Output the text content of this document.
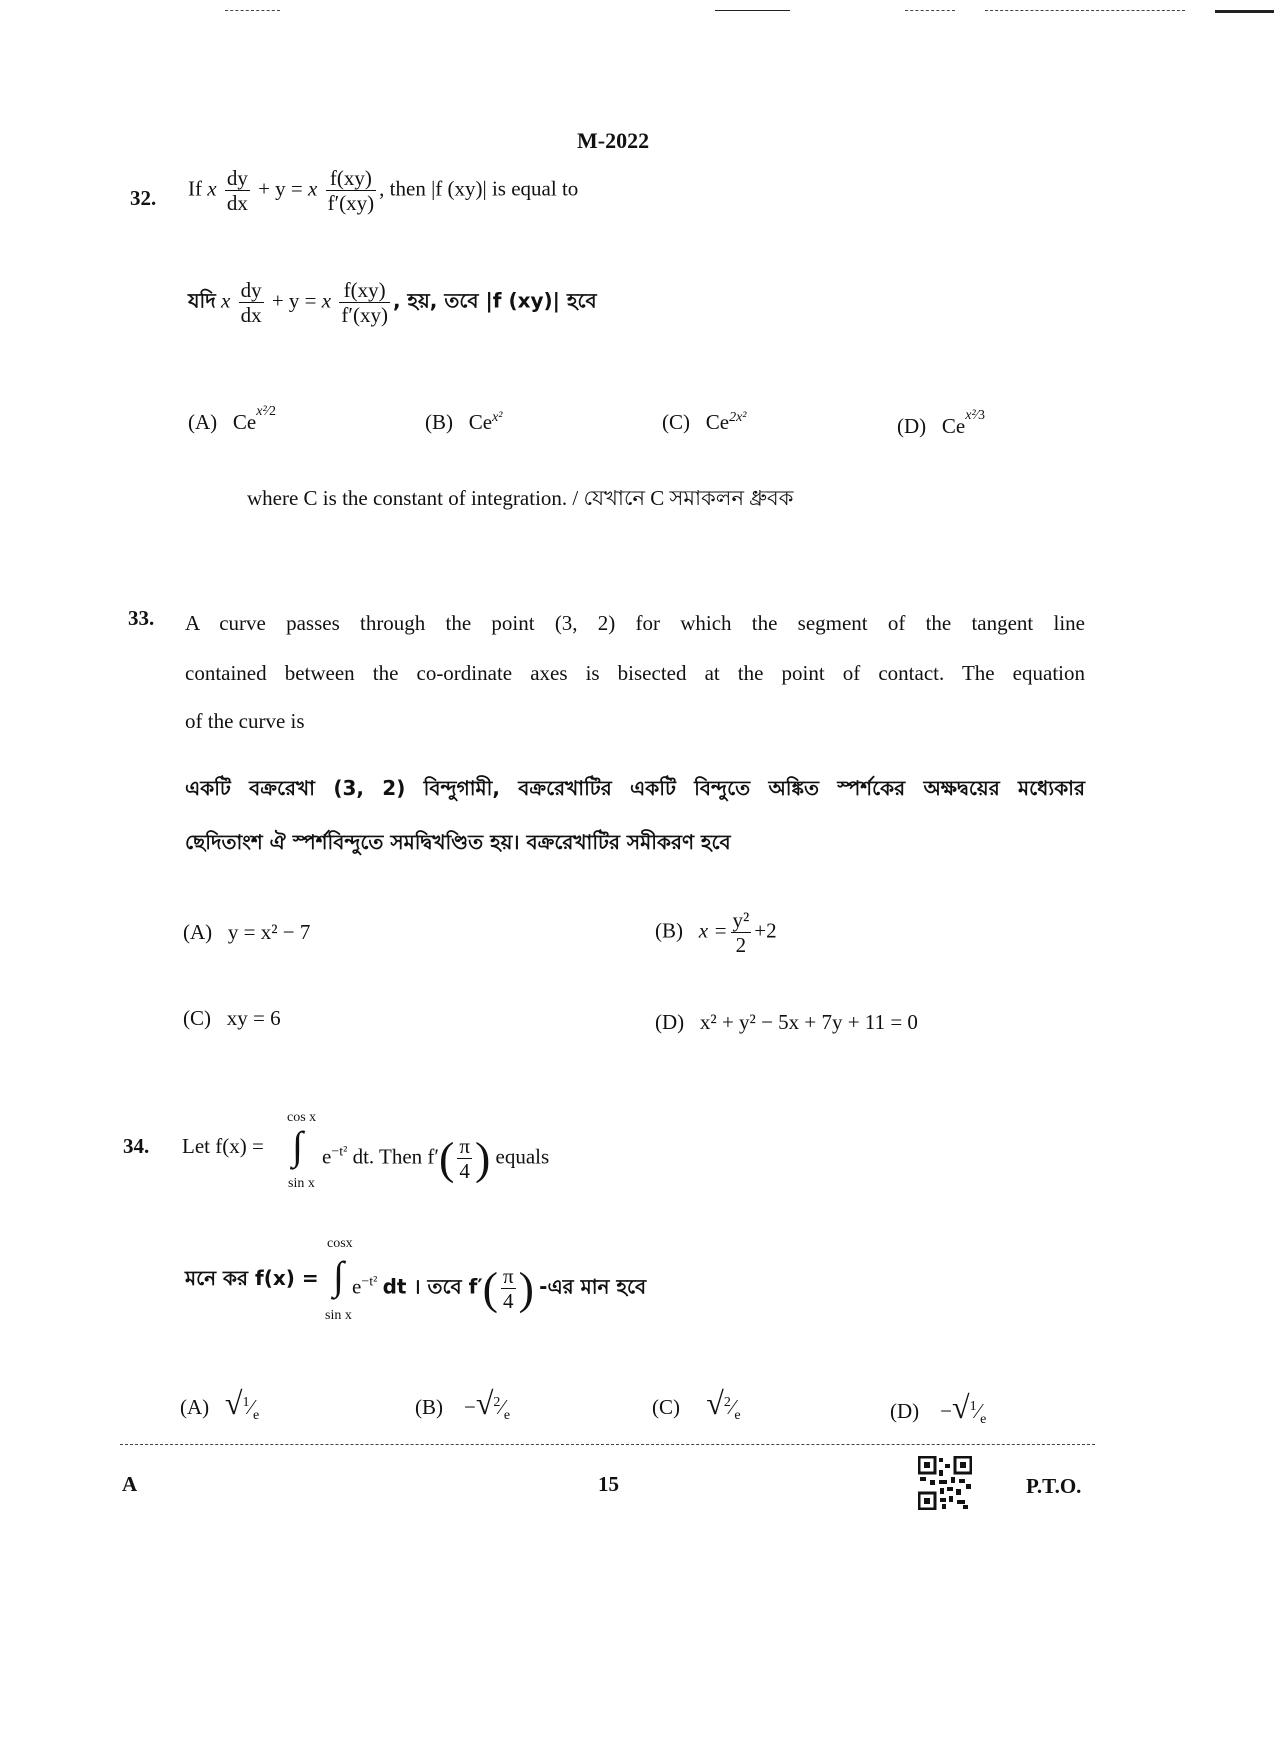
M-2022
32. If x $\frac{dy}{dx} + y = x \frac{f(xy)}{f'(xy)}$ , then |f (xy)| is equal to
যদি x $\frac{dy}{dx} + y = x \frac{f(xy)}{f'(xy)}$ , হয়, তবে |f (xy)| হবে
(A) $Ce^{x^2⁄2}$	(B) $Ce^{x^2}$	(C) $Ce^{2x^2}$	(D) $Ce^{x^2⁄3}$
where C is the constant of integration. / যেখানে C সমাকলন ধ্রুবক
33. A curve passes through the point (3, 2) for which the segment of the tangent line
contained between the co-ordinate axes is bisected at the point of contact. The equation
of the curve is
একটি বক্ররেখা (3, 2) বিন্দুগামী, বক্ররেখাটির একটি বিন্দুতে অঙ্কিত স্পর্শকের অক্ষদ্বয়ের মধ্যেকার
ছেদিতাংশ ঐ স্পর্শবিন্দুতে সমদ্বিখণ্ডিত হয়। বক্ররেখাটির সমীকরণ হবে
(A) y = x² − 7	(B) $x = \frac{\text{y²}}{2} +2$
(C) xy = 6	(D) x² + y² − 5x + 7y + 11 = 0
34. Let f(x) =
cos x
∫
sin x
$e^{-t^2}$ dt. Then $f'( \frac{\pi}{4}$ ) equals
মনে কর f(x) =
cosx
∫
sin x
$e^{-t^2}$ dt । তবে $f'( \frac{\pi}{4}$ ) -এর মান হবে
(A) $√^1⁄_e$	$(B) -√^2⁄_e$	(C) $√^2⁄_e$	$(D) -√^1⁄_e$
A	15	P.T.O.
